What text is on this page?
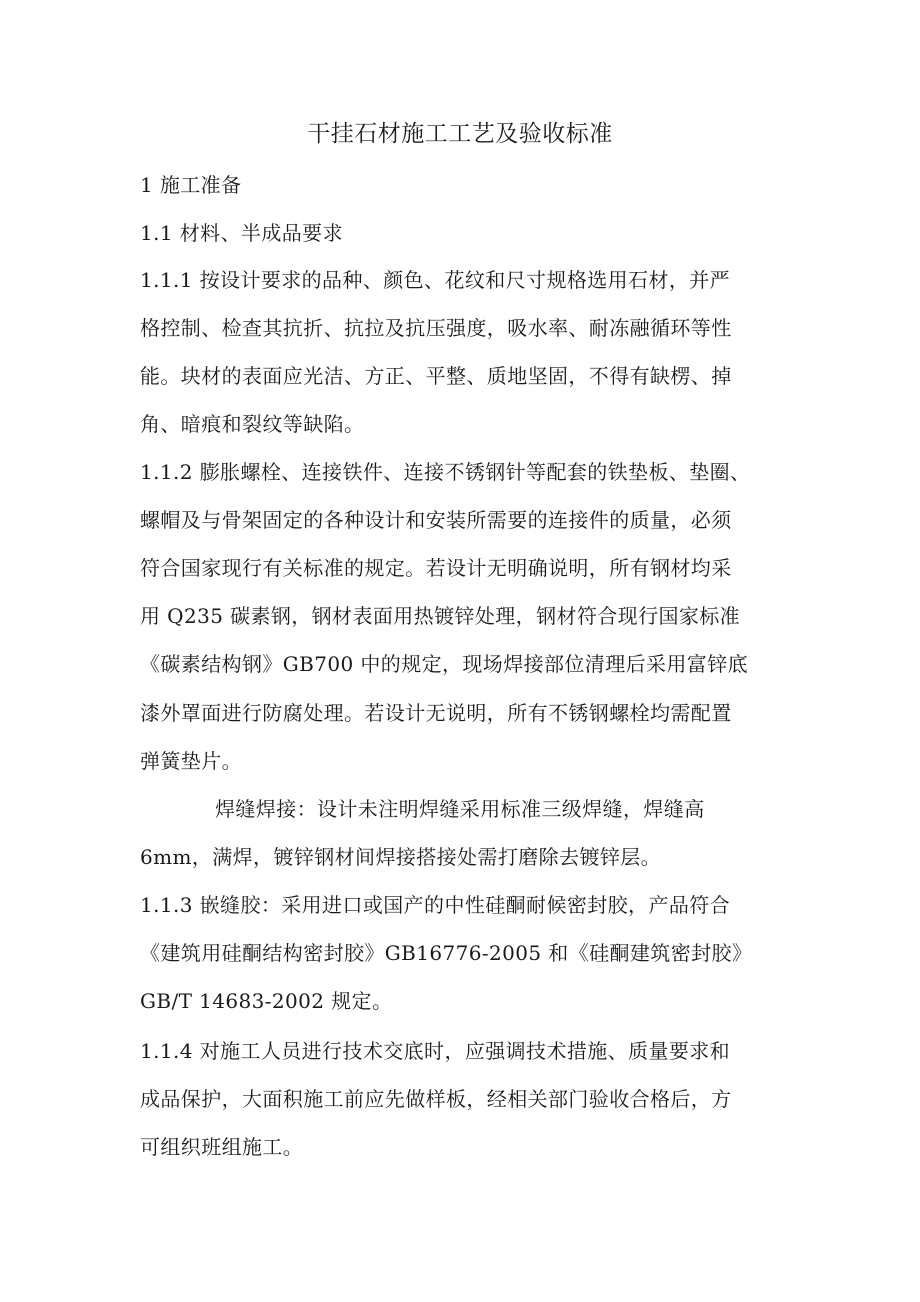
干挂石材施工工艺及验收标准
1 施工准备
1.1 材料、半成品要求
1.1.1 按设计要求的品种、颜色、花纹和尺寸规格选用石材，并严
格控制、检查其抗折、抗拉及抗压强度，吸水率、耐冻融循环等性
能。块材的表面应光洁、方正、平整、质地坚固，不得有缺楞、掉
角、暗痕和裂纹等缺陷。
1.1.2 膨胀螺栓、连接铁件、连接不锈钢针等配套的铁垫板、垫圈、
螺帽及与骨架固定的各种设计和安装所需要的连接件的质量，必须
符合国家现行有关标准的规定。若设计无明确说明，所有钢材均采
用 Q235 碳素钢，钢材表面用热镀锌处理，钢材符合现行国家标准
《碳素结构钢》GB700 中的规定，现场焊接部位清理后采用富锌底
漆外罩面进行防腐处理。若设计无说明，所有不锈钢螺栓均需配置
弹簧垫片。
焊缝焊接：设计未注明焊缝采用标准三级焊缝，焊缝高
6mm，满焊，镀锌钢材间焊接搭接处需打磨除去镀锌层。
1.1.3 嵌缝胶：采用进口或国产的中性硅酮耐候密封胶，产品符合
《建筑用硅酮结构密封胶》GB16776-2005 和《硅酮建筑密封胶》
GB/T 14683-2002 规定。
1.1.4 对施工人员进行技术交底时，应强调技术措施、质量要求和
成品保护，大面积施工前应先做样板，经相关部门验收合格后，方
可组织班组施工。
